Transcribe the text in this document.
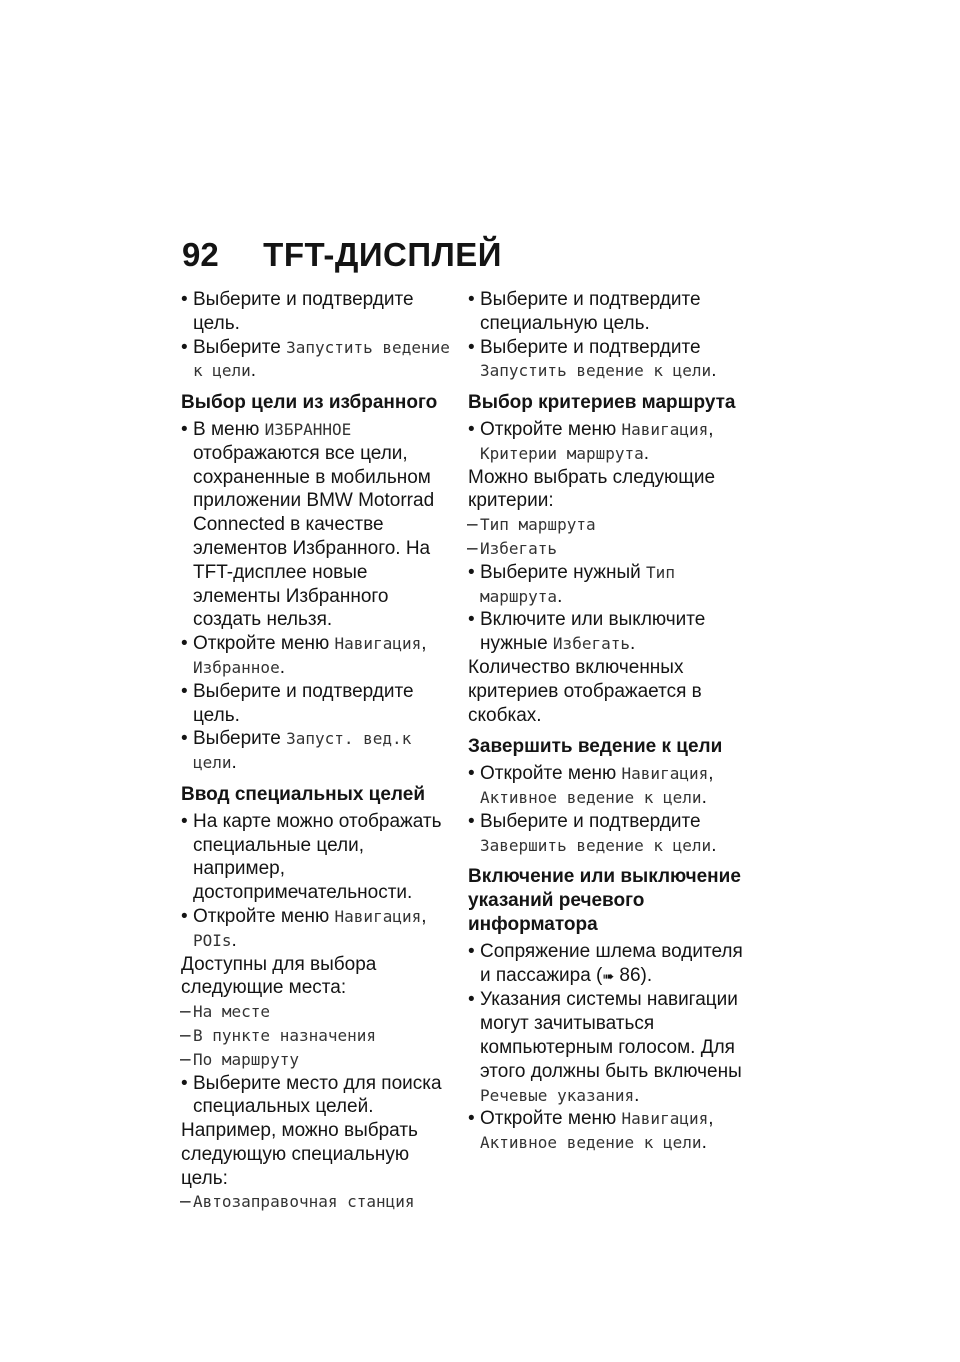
92 TFT-ДИСПЛЕЙ
• Выберите и подтвердите цель.
• Выберите Запустить ведение к цели.
Выбор цели из избранного
• В меню ИЗБРАННОЕ отображаются все цели, сохраненные в мобильном приложении BMW Motorrad Connected в качестве элементов Избранного. На TFT-дисплее новые элементы Избранного создать нельзя.
• Откройте меню Навигация, Избранное.
• Выберите и подтвердите цель.
• Выберите Запуст. вед.к цели.
Ввод специальных целей
• На карте можно отображать специальные цели, например, достопримечательности.
• Откройте меню Навигация, POIs.
Доступны для выбора следующие места:
– На месте
– В пункте назначения
– По маршруту
• Выберите место для поиска специальных целей.
Например, можно выбрать следующую специальную цель:
– Автозаправочная станция
• Выберите и подтвердите специальную цель.
• Выберите и подтвердите Запустить ведение к цели.
Выбор критериев маршрута
• Откройте меню Навигация, Критерии маршрута.
Можно выбрать следующие критерии:
– Тип маршрута
– Избегать
• Выберите нужный Тип маршрута.
• Включите или выключите нужные Избегать.
Количество включенных критериев отображается в скобках.
Завершить ведение к цели
• Откройте меню Навигация, Активное ведение к цели.
• Выберите и подтвердите Завершить ведение к цели.
Включение или выключение указаний речевого информатора
• Сопряжение шлема водителя и пассажира (➠ 86).
• Указания системы навигации могут зачитываться компьютерным голосом. Для этого должны быть включены Речевые указания.
• Откройте меню Навигация, Активное ведение к цели.
